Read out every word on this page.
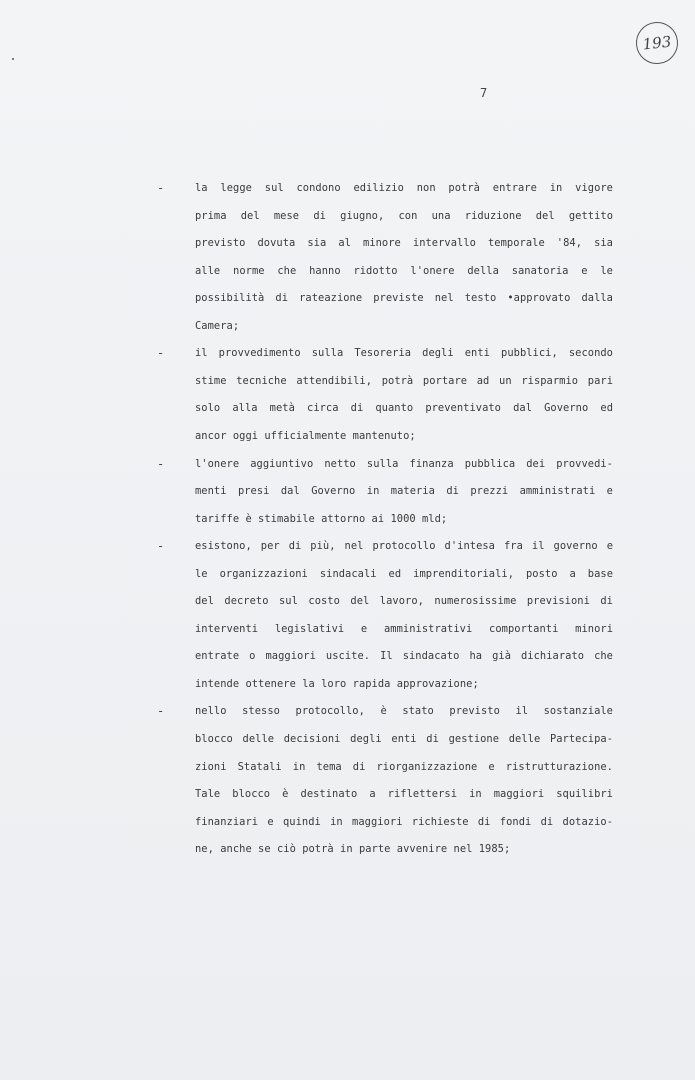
193
7
-	la legge sul condono edilizio non potrà entrare in vigore
prima del mese di giugno, con una riduzione del gettito
previsto dovuta sia al minore intervallo temporale '84, sia
alle norme che hanno ridotto l'onere della sanatoria e le
possibilità di rateazione previste nel testo •approvato dalla
Camera;
-	il provvedimento sulla Tesoreria degli enti pubblici, secondo
stime tecniche attendibili, potrà portare ad un risparmio pari
solo alla metà circa di quanto preventivato dal Governo ed
ancor oggi ufficialmente mantenuto;
-	l'onere aggiuntivo netto sulla finanza pubblica dei provvedi-
menti presi dal Governo in materia di prezzi amministrati e
tariffe è stimabile attorno ai 1000 mld;
-	esistono, per di più, nel protocollo d'intesa fra il governo e
le organizzazioni sindacali ed imprenditoriali, posto a base
del decreto sul costo del lavoro, numerosissime previsioni di
interventi legislativi e amministrativi comportanti minori
entrate o maggiori uscite. Il sindacato ha già dichiarato che
intende ottenere la loro rapida approvazione;
-	nello stesso protocollo, è stato previsto il sostanziale
blocco delle decisioni degli enti di gestione delle Partecipa-
zioni Statali in tema di riorganizzazione e ristrutturazione.
Tale blocco è destinato a riflettersi in maggiori squilibri
finanziari e quindi in maggiori richieste di fondi di dotazio-
ne, anche se ciò potrà in parte avvenire nel 1985;
